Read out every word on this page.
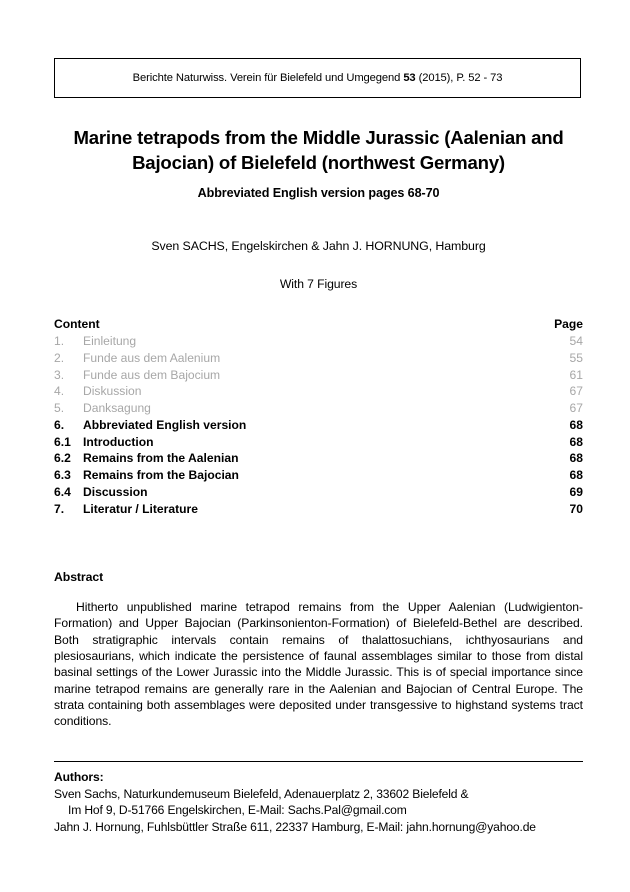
Berichte Naturwiss. Verein für Bielefeld und Umgegend 53 (2015), P. 52 - 73
Marine tetrapods from the Middle Jurassic (Aalenian and
Bajocian) of Bielefeld (northwest Germany)
Abbreviated English version pages 68-70
Sven SACHS, Engelskirchen & Jahn J. HORNUNG, Hamburg
With 7 Figures
Content	Page
1.	Einleitung	54
2.	Funde aus dem Aalenium	55
3.	Funde aus dem Bajocium	61
4.	Diskussion	67
5.	Danksagung	67
6.	Abbreviated English version	68
6.1	Introduction	68
6.2	Remains from the Aalenian	68
6.3	Remains from the Bajocian	68
6.4	Discussion	69
7.	Literatur / Literature	70
Abstract
Hitherto unpublished marine tetrapod remains from the Upper Aalenian (Ludwigienton-Formation) and Upper Bajocian (Parkinsonienton-Formation) of Bielefeld-Bethel are described. Both stratigraphic intervals contain remains of thalattosuchians, ichthyosaurians and plesiosaurians, which indicate the persistence of faunal assemblages similar to those from distal basinal settings of the Lower Jurassic into the Middle Jurassic. This is of special importance since marine tetrapod remains are generally rare in the Aalenian and Bajocian of Central Europe. The strata containing both assemblages were deposited under transgessive to highstand systems tract conditions.
Authors:
Sven Sachs, Naturkundemuseum Bielefeld, Adenauerplatz 2, 33602 Bielefeld &
Im Hof 9, D-51766 Engelskirchen, E-Mail: Sachs.Pal@gmail.com
Jahn J. Hornung, Fuhlsbüttler Straße 611, 22337 Hamburg, E-Mail: jahn.hornung@yahoo.de
